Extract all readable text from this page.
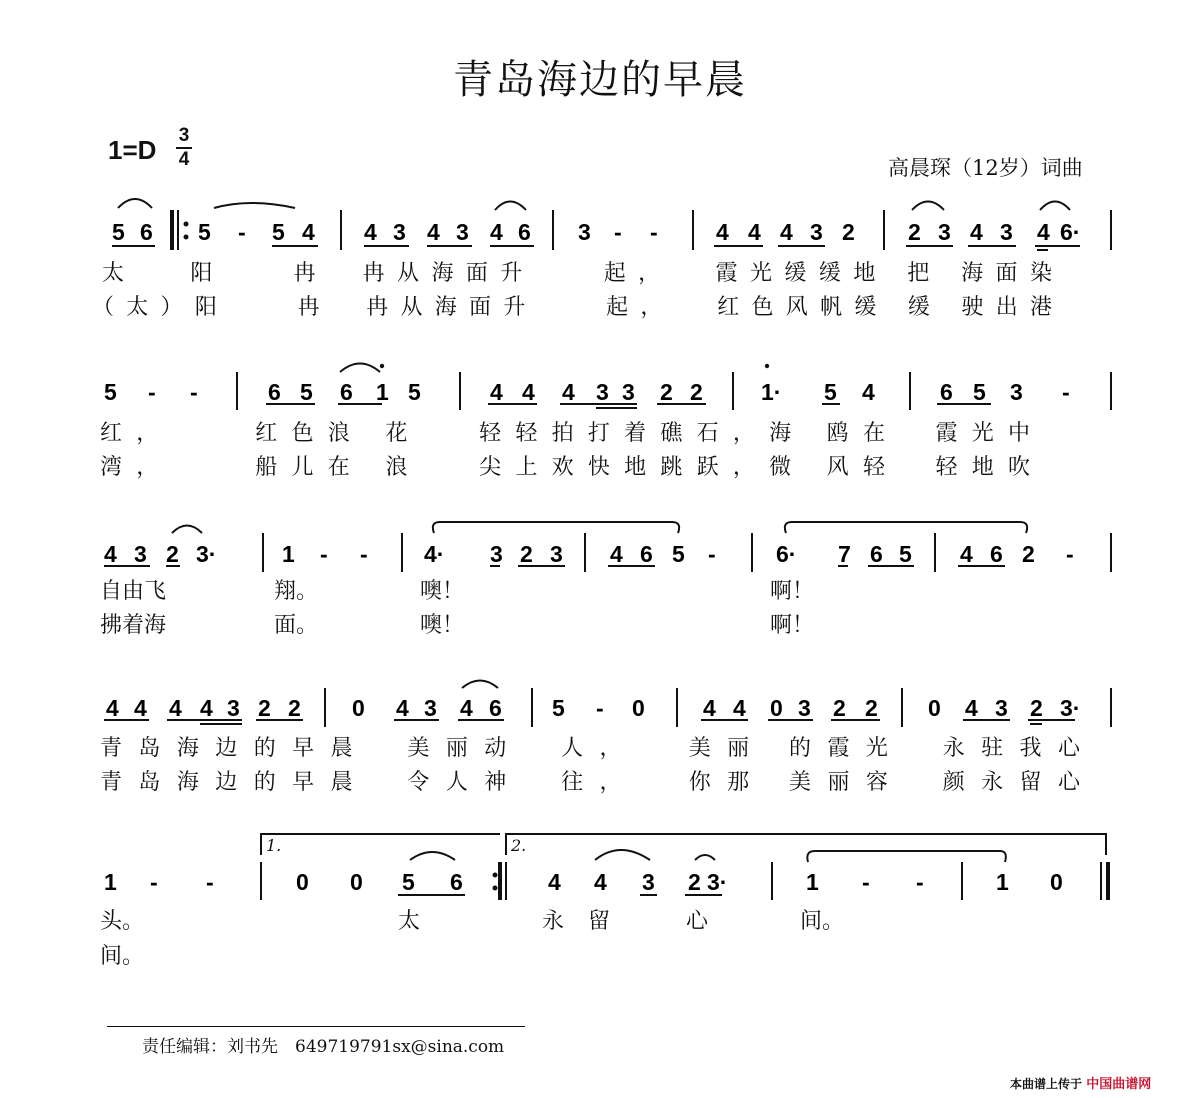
青岛海边的早晨
1=D 3
4	高晨琛（12岁）词曲
5 6 5 - 5 4 4 3 4 3 4 6 3 - -	4 4 4 3 2 2 3 4 3 4 6·
5 - -	6 5 6 1 5	4 4 4 3 3 2 2	1· 5 4	6 5 3 -
4 3 2 3·	1 - - 4· 3 2 3 4 6 5 -	6· 7 6 5 4 6 2 -
4 4 4 4 3 2 2 0 4 3 4 6 5 - 0	4 4 0 3 2 2 0 4 3 2 3·
1 - -	0 0 5 6	4 4 3 2 3·	1 - -	1 0
1.	2.
太　 阳　　冉　冉从海面升　　起，　 霞光缓缓地 把 海面染
（太）阳　　冉　冉从海面升　　起，　 红色风帆缓 缓 驶出港
红，　　 红色浪 花　 轻轻拍打着礁石，海 鸥在　霞光中
湾，　　 船儿在 浪　 尖上欢快地跳跃，微 风轻　轻地吹
自由飞	翔。	噢！	啊！
拂着海	面。	噢！	啊！
青岛海边的早晨　美丽动　人，　 美丽 的霞光　永驻我心
青岛海边的早晨　令人神　往，　 你那 美丽容　颜永留心
头。	太	永 留	心	间。
间。
责任编辑：刘书先　649719791sx@sina.com
本曲谱上传于 中国曲谱网
